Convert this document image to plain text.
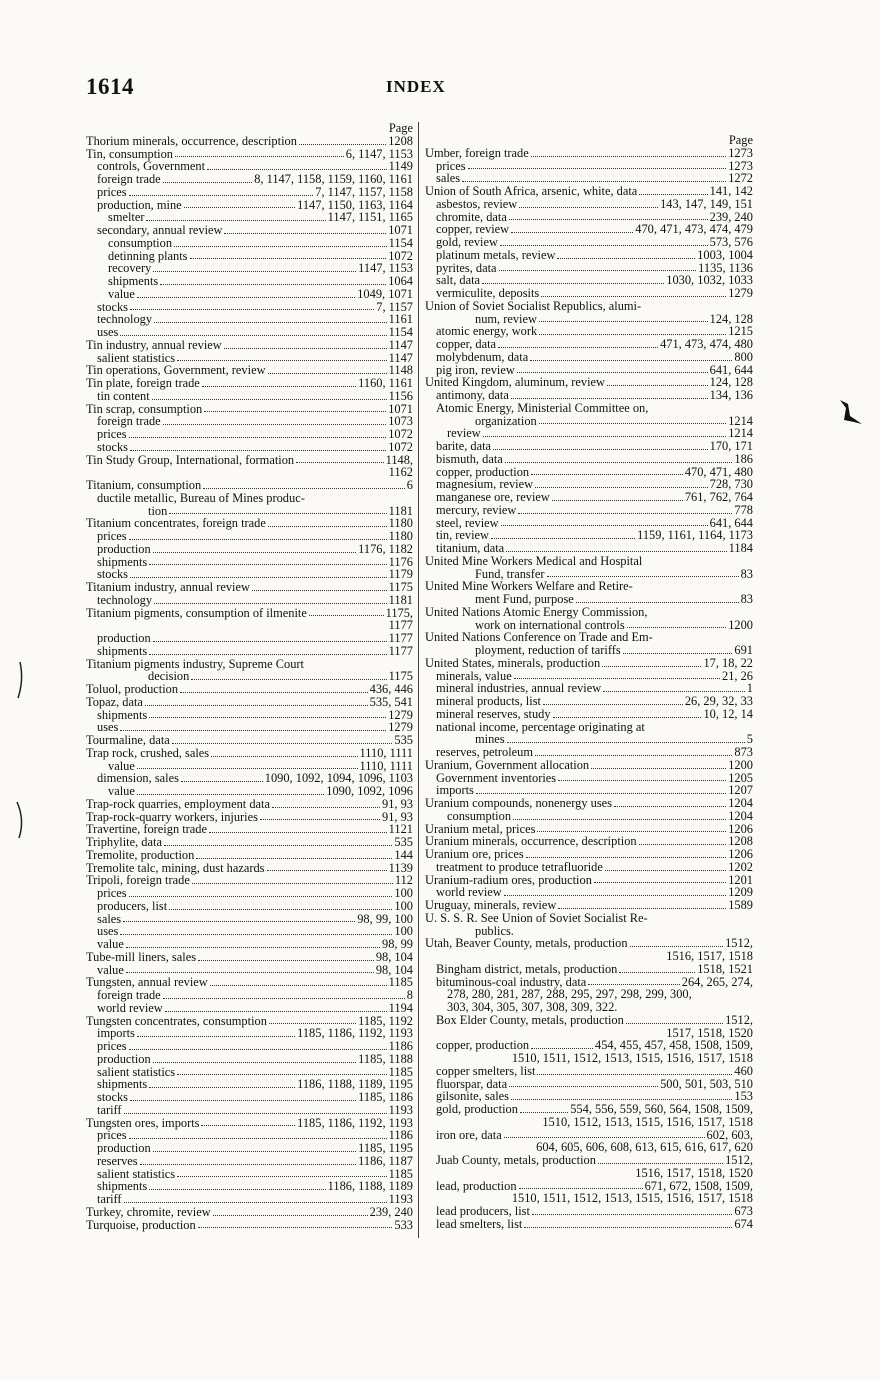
1614	INDEX
Page
Thorium minerals, occurrence, description	1208
Tin, consumption	6, 1147, 1153
controls, Government	1149
foreign trade	8, 1147, 1158, 1159, 1160, 1161
prices	7, 1147, 1157, 1158
production, mine	1147, 1150, 1163, 1164
smelter	1147, 1151, 1165
secondary, annual review	1071
consumption	1154
detinning plants	1072
recovery	1147, 1153
shipments	1064
value	1049, 1071
stocks	7, 1157
technology	1161
uses	1154
Tin industry, annual review	1147
salient statistics	1147
Tin operations, Government, review	1148
Tin plate, foreign trade	1160, 1161
tin content	1156
Tin scrap, consumption	1071
foreign trade	1073
prices	1072
stocks	1072
Tin Study Group, International, formation	1148,
1162
Titanium, consumption	6
ductile metallic, Bureau of Mines produc-
tion	1181
Titanium concentrates, foreign trade	1180
prices	1180
production	1176, 1182
shipments	1176
stocks	1179
Titanium industry, annual review	1175
technology	1181
Titanium pigments, consumption of ilmenite	1175,
1177
production	1177
shipments	1177
Titanium pigments industry, Supreme Court
decision	1175
Toluol, production	436, 446
Topaz, data	535, 541
shipments	1279
uses	1279
Tourmaline, data	535
Trap rock, crushed, sales	1110, 1111
value	1110, 1111
dimension, sales	1090, 1092, 1094, 1096, 1103
value	1090, 1092, 1096
Trap-rock quarries, employment data	91, 93
Trap-rock-quarry workers, injuries	91, 93
Travertine, foreign trade	1121
Triphylite, data	535
Tremolite, production	144
Tremolite talc, mining, dust hazards	1139
Tripoli, foreign trade	112
prices	100
producers, list	100
sales	98, 99, 100
uses	100
value	98, 99
Tube-mill liners, sales	98, 104
value	98, 104
Tungsten, annual review	1185
foreign trade	8
world review	1194
Tungsten concentrates, consumption	1185, 1192
imports	1185, 1186, 1192, 1193
prices	1186
production	1185, 1188
salient statistics	1185
shipments	1186, 1188, 1189, 1195
stocks	1185, 1186
tariff	1193
Tungsten ores, imports	1185, 1186, 1192, 1193
prices	1186
production	1185, 1195
reserves	1186, 1187
salient statistics	1185
shipments	1186, 1188, 1189
tariff	1193
Turkey, chromite, review	239, 240
Turquoise, production	533
Page
Umber, foreign trade	1273
prices	1273
sales	1272
Union of South Africa, arsenic, white, data	141, 142
asbestos, review	143, 147, 149, 151
chromite, data	239, 240
copper, review	470, 471, 473, 474, 479
gold, review	573, 576
platinum metals, review	1003, 1004
pyrites, data	1135, 1136
salt, data	1030, 1032, 1033
vermiculite, deposits	1279
Union of Soviet Socialist Republics, alumi-
num, review	124, 128
atomic energy, work	1215
copper, data	471, 473, 474, 480
molybdenum, data	800
pig iron, review	641, 644
United Kingdom, aluminum, review	124, 128
antimony, data	134, 136
Atomic Energy, Ministerial Committee on,
organization	1214
review	1214
barite, data	170, 171
bismuth, data	186
copper, production	470, 471, 480
magnesium, review	728, 730
manganese ore, review	761, 762, 764
mercury, review	778
steel, review	641, 644
tin, review	1159, 1161, 1164, 1173
titanium, data	1184
United Mine Workers Medical and Hospital
Fund, transfer	83
United Mine Workers Welfare and Retire-
ment Fund, purpose	83
United Nations Atomic Energy Commission,
work on international controls	1200
United Nations Conference on Trade and Em-
ployment, reduction of tariffs	691
United States, minerals, production	17, 18, 22
minerals, value	21, 26
mineral industries, annual review	1
mineral products, list	26, 29, 32, 33
mineral reserves, study	10, 12, 14
national income, percentage originating at
mines	5
reserves, petroleum	873
Uranium, Government allocation	1200
Government inventories	1205
imports	1207
Uranium compounds, nonenergy uses	1204
consumption	1204
Uranium metal, prices	1206
Uranium minerals, occurrence, description	1208
Uranium ore, prices	1206
treatment to produce tetrafluoride	1202
Uranium-radium ores, production	1201
world review	1209
Uruguay, minerals, review	1589
U. S. S. R. See Union of Soviet Socialist Re-
publics.
Utah, Beaver County, metals, production	1512,
1516, 1517, 1518
Bingham district, metals, production	1518, 1521
bituminous-coal industry, data	264, 265, 274,
278, 280, 281, 287, 288, 295, 297, 298, 299, 300,
303, 304, 305, 307, 308, 309, 322.
Box Elder County, metals, production	1512,
1517, 1518, 1520
copper, production	454, 455, 457, 458, 1508, 1509,
1510, 1511, 1512, 1513, 1515, 1516, 1517, 1518
copper smelters, list	460
fluorspar, data	500, 501, 503, 510
gilsonite, sales	153
gold, production	554, 556, 559, 560, 564, 1508, 1509,
1510, 1512, 1513, 1515, 1516, 1517, 1518
iron ore, data	602, 603,
604, 605, 606, 608, 613, 615, 616, 617, 620
Juab County, metals, production	1512,
1516, 1517, 1518, 1520
lead, production	671, 672, 1508, 1509,
1510, 1511, 1512, 1513, 1515, 1516, 1517, 1518
lead producers, list	673
lead smelters, list	674
